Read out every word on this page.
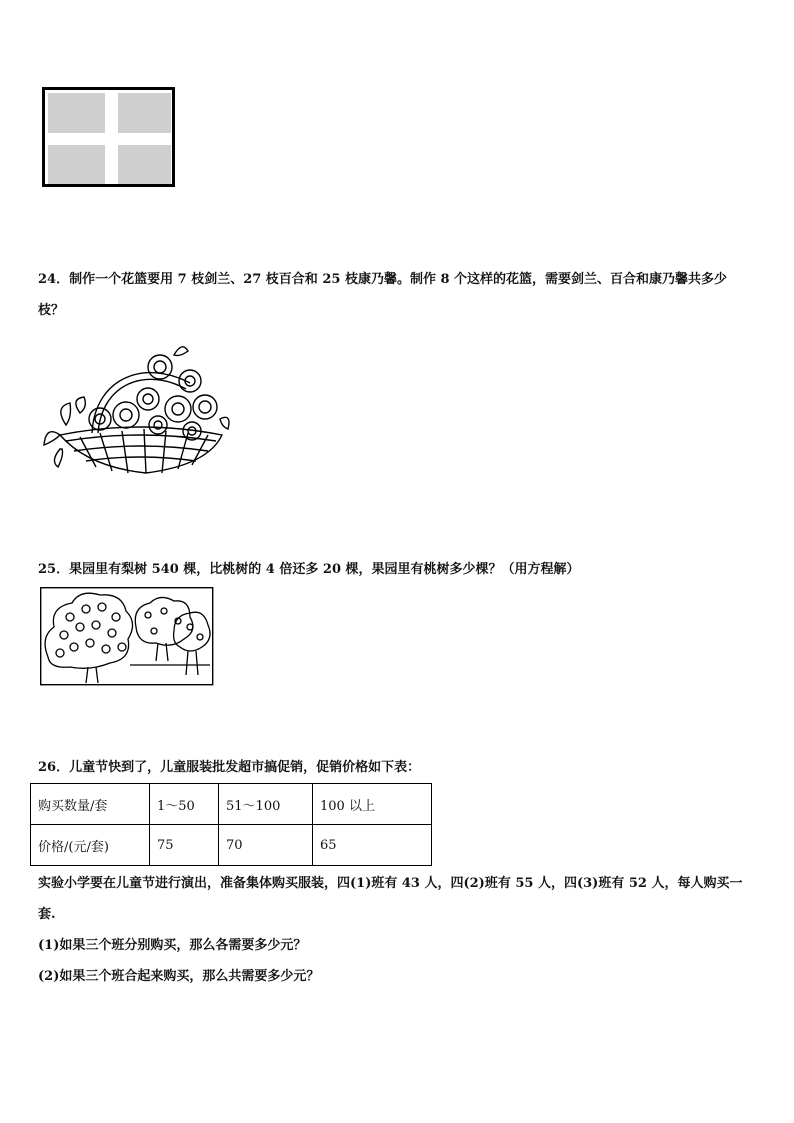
24．制作一个花篮要用 7 枝剑兰、27 枝百合和 25 枝康乃馨。制作 8 个这样的花篮，需要剑兰、百合和康乃馨共多少
枝？
25．果园里有梨树 540 棵，比桃树的 4 倍还多 20 棵，果园里有桃树多少棵？（用方程解）
26．儿童节快到了，儿童服装批发超市搞促销，促销价格如下表：
购买数量/套	1～50	51～100	100 以上
价格/(元/套)	75	70	65
实验小学要在儿童节进行演出，准备集体购买服装，四(1)班有 43 人，四(2)班有 55 人，四(3)班有 52 人，每人购买一
套.
(1)如果三个班分别购买，那么各需要多少元？
(2)如果三个班合起来购买，那么共需要多少元？
